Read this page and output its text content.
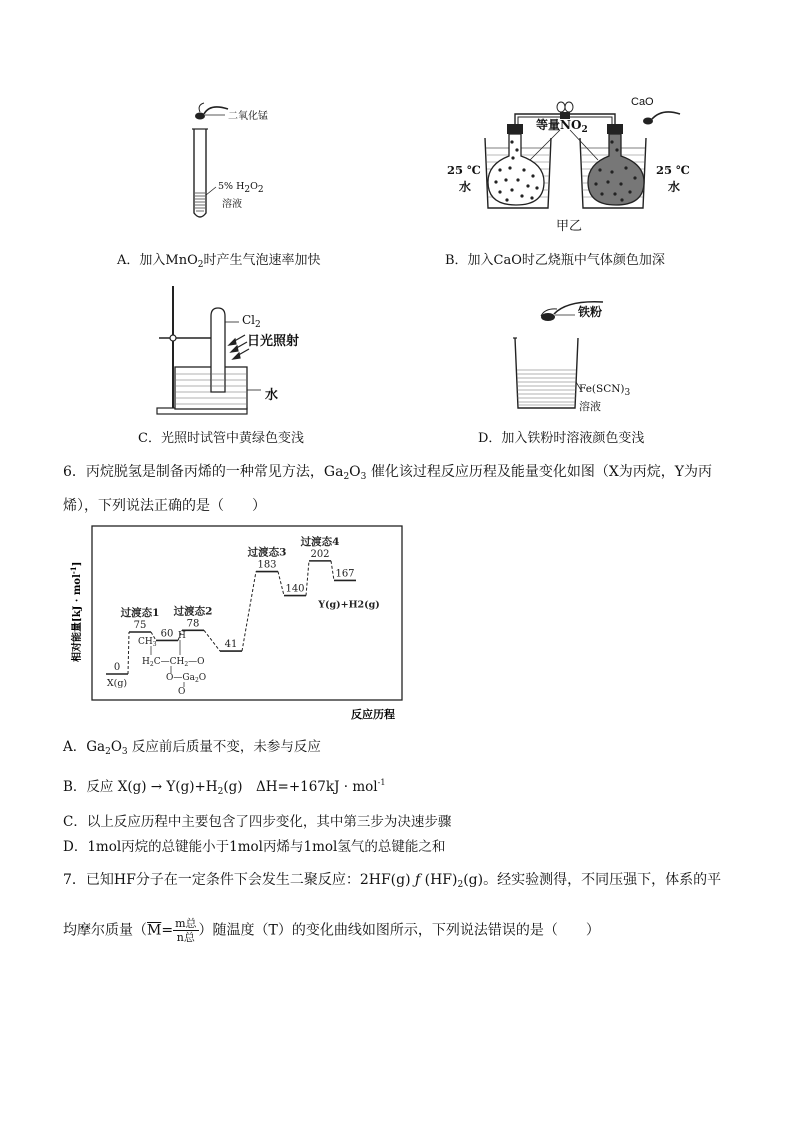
二氧化锰
5% H2O2
溶液
CaO
等量$NO_2$
25 ℃
水
25 ℃
水
甲乙
A．加入MnO$_2$时产生气泡速率加快	B．加入CaO时乙烧瓶中气体颜色加深
$Cl_2$
日光照射
水
铁粉
Fe(SCN)3
溶液
C．光照时试管中黄绿色变浅	D．加入铁粉时溶液颜色变浅
6．丙烷脱氢是制备丙烯的一种常见方法，$Ga_2O_3$ 催化该过程反应历程及能量变化如图（X为丙烷，Y为丙
烯），下列说法正确的是（　　）
相对能量[kJ · mol$^{-1}$]
反应历程
0
X(g)
75
过渡态1
60
78
过渡态2
41
183
过渡态3
140
202
过渡态4
167
Y(g)+H2(g)
$CH_3$
H
$H_2C—CH_2—O$
$O—Ga_2O$
O
A．$Ga_2O_3$ 反应前后质量不变，未参与反应
B．反应 $X(g) \to Y(g)+H_2(g)$　ΔH=+167kJ · mol$^{-1}$
C．以上反应历程中主要包含了四步变化，其中第三步为决速步骤
D．1mol丙烷的总键能小于1mol丙烯与1mol氢气的总键能之和
7．已知HF分子在一定条件下会发生二聚反应：2HF(g) ƒ $(HF)_2(g)$。经实验测得，不同压强下，体系的平
均摩尔质量（$\overline{M}= m$总
n总 ）随温度（T）的变化曲线如图所示，下列说法错误的是（　　）
